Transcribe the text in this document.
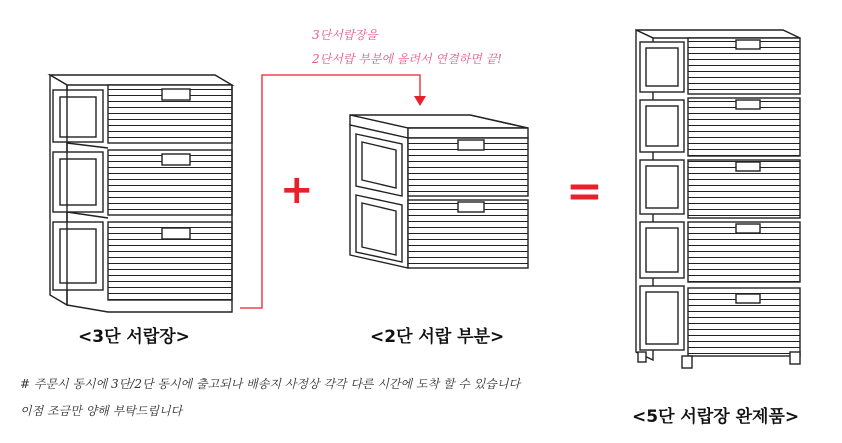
3단서랍장을
2단서랍 부분에 올려서 연결하면 끝!
+	=
<3단 서랍장>	<2단 서랍 부분>
<5단 서랍장 완제품>
# 주문시 동시에 3단/2단 동시에 출고되나 배송지 사정상 각각 다른 시간에 도착 할 수 있습니다
이점 조금만 양해 부탁드립니다
